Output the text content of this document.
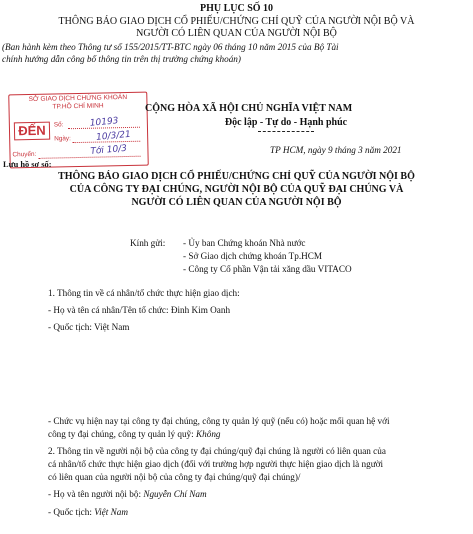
PHỤ LỤC SỐ 10
THÔNG BÁO GIAO DỊCH CỔ PHIẾU/CHỨNG CHỈ QUỸ CỦA NGƯỜI NỘI BỘ VÀ
NGƯỜI CÓ LIÊN QUAN CỦA NGƯỜI NỘI BỘ
(Ban hành kèm theo Thông tư số 155/2015/TT-BTC ngày 06 tháng 10 năm 2015 của Bộ Tài
chính hướng dẫn công bố thông tin trên thị trường chứng khoán)
SỞ GIAO DỊCH CHỨNG KHOÁN
TP.HỒ CHÍ MINH
ĐẾN	Số:	10193
Ngày:	10/3/21
Chuyển:	Tới 10/3
CỘNG HÒA XÃ HỘI CHỦ NGHĨA VIỆT NAM
Độc lập - Tự do - Hạnh phúc
TP HCM, ngày 9 tháng 3 năm 2021
Lưu hồ sơ số:
THÔNG BÁO GIAO DỊCH CỔ PHIẾU/CHỨNG CHỈ QUỸ CỦA NGƯỜI NỘI BỘ
CỦA CÔNG TY ĐẠI CHÚNG, NGƯỜI NỘI BỘ CỦA QUỸ ĐẠI CHÚNG VÀ
NGƯỜI CÓ LIÊN QUAN CỦA NGƯỜI NỘI BỘ
Kính gửi: - Ủy ban Chứng khoán Nhà nước
- Sở Giao dịch chứng khoán Tp.HCM
- Công ty Cổ phần Vận tải xăng dầu VITACO
1. Thông tin về cá nhân/tổ chức thực hiện giao dịch:
- Họ và tên cá nhân/Tên tổ chức: Đinh Kim Oanh
- Quốc tịch: Việt Nam
- Chức vụ hiện nay tại công ty đại chúng, công ty quản lý quỹ (nếu có) hoặc mối quan hệ với
công ty đại chúng, công ty quản lý quỹ: Không
2. Thông tin về người nội bộ của công ty đại chúng/quỹ đại chúng là người có liên quan của
cá nhân/tổ chức thực hiện giao dịch (đối với trường hợp người thực hiện giao dịch là người
có liên quan của người nội bộ của công ty đại chúng/quỹ đại chúng)/
- Họ và tên người nội bộ: Nguyễn Chí Nam
- Quốc tịch: Việt Nam
